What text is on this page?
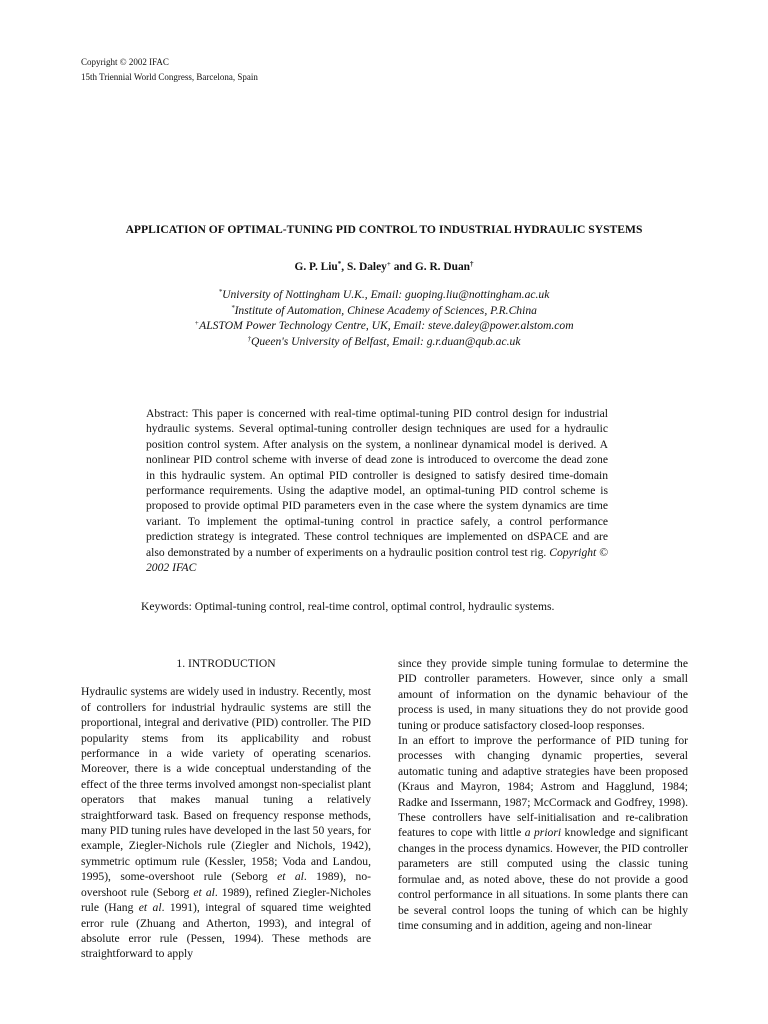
Copyright © 2002 IFAC
15th Triennial World Congress, Barcelona, Spain
APPLICATION OF OPTIMAL-TUNING PID CONTROL TO INDUSTRIAL HYDRAULIC SYSTEMS
G. P. Liu*, S. Daley+ and G. R. Duan†
*University of Nottingham U.K., Email: guoping.liu@nottingham.ac.uk
*Institute of Automation, Chinese Academy of Sciences, P.R.China
+ALSTOM Power Technology Centre, UK, Email: steve.daley@power.alstom.com
†Queen's University of Belfast, Email: g.r.duan@qub.ac.uk
Abstract: This paper is concerned with real-time optimal-tuning PID control design for industrial hydraulic systems. Several optimal-tuning controller design techniques are used for a hydraulic position control system. After analysis on the system, a nonlinear dynamical model is derived. A nonlinear PID control scheme with inverse of dead zone is introduced to overcome the dead zone in this hydraulic system. An optimal PID controller is designed to satisfy desired time-domain performance requirements. Using the adaptive model, an optimal-tuning PID control scheme is proposed to provide optimal PID parameters even in the case where the system dynamics are time variant. To implement the optimal-tuning control in practice safely, a control performance prediction strategy is integrated. These control techniques are implemented on dSPACE and are also demonstrated by a number of experiments on a hydraulic position control test rig. Copyright © 2002 IFAC
Keywords: Optimal-tuning control, real-time control, optimal control, hydraulic systems.
1. INTRODUCTION

Hydraulic systems are widely used in industry. Recently, most of controllers for industrial hydraulic systems are still the proportional, integral and derivative (PID) controller. The PID popularity stems from its applicability and robust performance in a wide variety of operating scenarios. Moreover, there is a wide conceptual understanding of the effect of the three terms involved amongst non-specialist plant operators that makes manual tuning a relatively straightforward task. Based on frequency response methods, many PID tuning rules have developed in the last 50 years, for example, Ziegler-Nichols rule (Ziegler and Nichols, 1942), symmetric optimum rule (Kessler, 1958; Voda and Landou, 1995), some-overshoot rule (Seborg et al. 1989), no-overshoot rule (Seborg et al. 1989), refined Ziegler-Nicholes rule (Hang et al. 1991), integral of squared time weighted error rule (Zhuang and Atherton, 1993), and integral of absolute error rule (Pessen, 1994). These methods are straightforward to apply

since they provide simple tuning formulae to determine the PID controller parameters. However, since only a small amount of information on the dynamic behaviour of the process is used, in many situations they do not provide good tuning or produce satisfactory closed-loop responses.

In an effort to improve the performance of PID tuning for processes with changing dynamic properties, several automatic tuning and adaptive strategies have been proposed (Kraus and Mayron, 1984; Astrom and Hagglund, 1984; Radke and Issermann, 1987; McCormack and Godfrey, 1998). These controllers have self-initialisation and re-calibration features to cope with little a priori knowledge and significant changes in the process dynamics. However, the PID controller parameters are still computed using the classic tuning formulae and, as noted above, these do not provide a good control performance in all situations. In some plants there can be several control loops the tuning of which can be highly time consuming and in addition, ageing and non-linear
